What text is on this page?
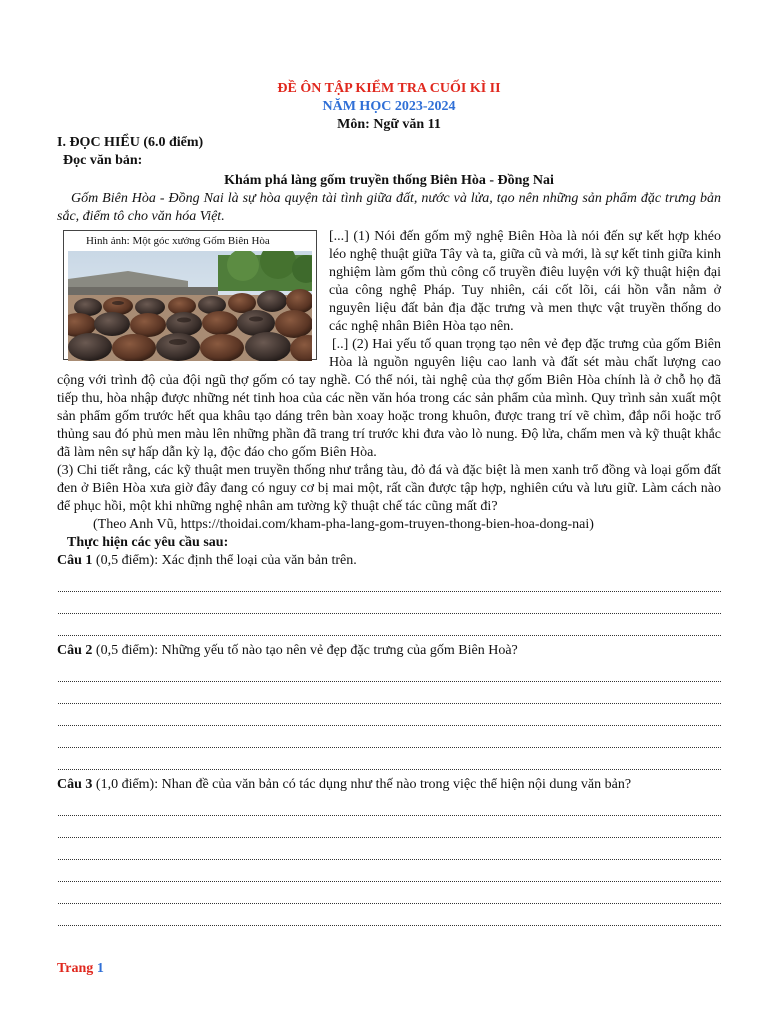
ĐỀ ÔN TẬP KIỂM TRA CUỐI KÌ II

NĂM HỌC 2023-2024

Môn: Ngữ văn 11

I. ĐỌC HIỂU (6.0 điểm)

Đọc văn bản:

Khám phá làng gốm truyền thống Biên Hòa - Đồng Nai

Gốm Biên Hòa - Đồng Nai là sự hòa quyện tài tình giữa đất, nước và lửa, tạo nên những sản phẩm đặc trưng bản sắc, điểm tô cho văn hóa Việt.

Hình ảnh: Một góc xưởng Gốm Biên Hòa	[...] (1) Nói đến gốm mỹ nghệ Biên Hòa là nói đến sự kết hợp khéo léo nghệ thuật giữa Tây và ta, giữa cũ và mới, là sự kết tinh giữa kinh nghiệm làm gốm thủ công cổ truyền điêu luyện với kỹ thuật hiện đại của công nghệ Pháp. Tuy nhiên, cái cốt lõi, cái hồn vẫn nằm ở nguyên liệu đất bản địa đặc trưng và men thực vật truyền thống do các nghệ nhân Biên Hòa tạo nên.

[..] (2) Hai yếu tố quan trọng tạo nên vẻ đẹp đặc trưng của gốm Biên Hòa là nguồn nguyên liệu cao lanh và đất sét màu chất lượng cao cộng với trình độ của đội ngũ thợ gốm có tay nghề. Có thể nói, tài nghệ của thợ gốm Biên Hòa chính là ở chỗ họ đã tiếp thu, hòa nhập được những nét tinh hoa của các nền văn hóa trong các sản phẩm của mình. Quy trình sản xuất một sản phẩm gốm trước hết qua khâu tạo dáng trên bàn xoay hoặc trong khuôn, được trang trí vẽ chìm, đắp nổi hoặc trổ thủng sau đó phủ men màu lên những phần đã trang trí trước khi đưa vào lò nung. Độ lửa, chấm men và kỹ thuật khắc đã làm nên sự hấp dẫn kỳ lạ, độc đáo cho gốm Biên Hòa.

(3) Chi tiết rằng, các kỹ thuật men truyền thống như trắng tàu, đỏ đá và đặc biệt là men xanh trổ đồng và loại gốm đất đen ở Biên Hòa xưa giờ đây đang có nguy cơ bị mai một, rất cần được tập hợp, nghiên cứu và lưu giữ. Làm cách nào để phục hồi, một khi những nghệ nhân am tường kỹ thuật chế tác cũng mất đi?

(Theo Anh Vũ, https://thoidai.com/kham-pha-lang-gom-truyen-thong-bien-hoa-dong-nai)

Thực hiện các yêu cầu sau:

Câu 1 (0,5 điểm): Xác định thể loại của văn bản trên.

Câu 2 (0,5 điểm): Những yếu tố nào tạo nên vẻ đẹp đặc trưng của gốm Biên Hoà?

Câu 3 (1,0 điểm): Nhan đề của văn bản có tác dụng như thế nào trong việc thể hiện nội dung văn bản?

Trang 1
